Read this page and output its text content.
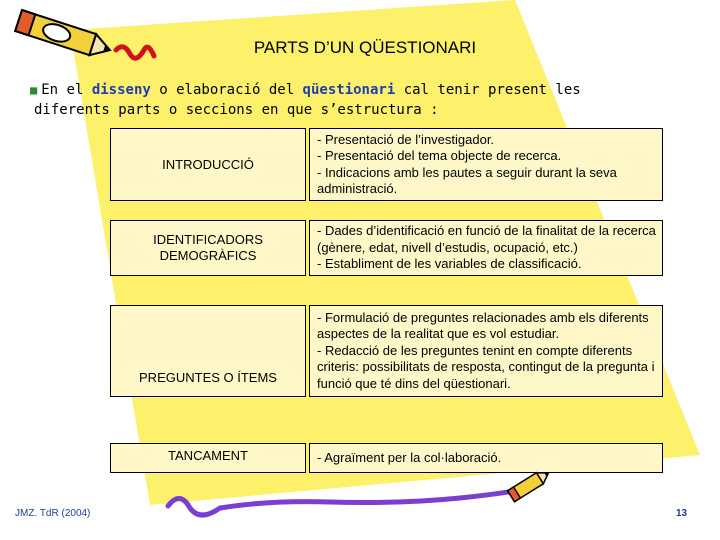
PARTS D’UN QÜESTIONARI
■ En el disseny o elaboració del qüestionari cal tenir present les diferents parts o seccions en que s’estructura :
INTRODUCCIÓ
- Presentació de l’investigador.
- Presentació del tema objecte de recerca.
- Indicacions amb les pautes a seguir durant la seva administració.
IDENTIFICADORS DEMOGRÀFICS
- Dades d’identificació en funció de la finalitat de la recerca (gènere, edat, nivell d’estudis, ocupació, etc.)
- Establiment de les variables de classificació.
PREGUNTES O ÍTEMS
- Formulació de preguntes relacionades amb els diferents aspectes de la realitat que es vol estudiar.
- Redacció de les preguntes tenint en compte diferents criteris: possibilitats de resposta, contingut de la pregunta i funció que té dins del qüestionari.
TANCAMENT	- Agraïment per la col·laboració.
JMZ. TdR (2004)	13
